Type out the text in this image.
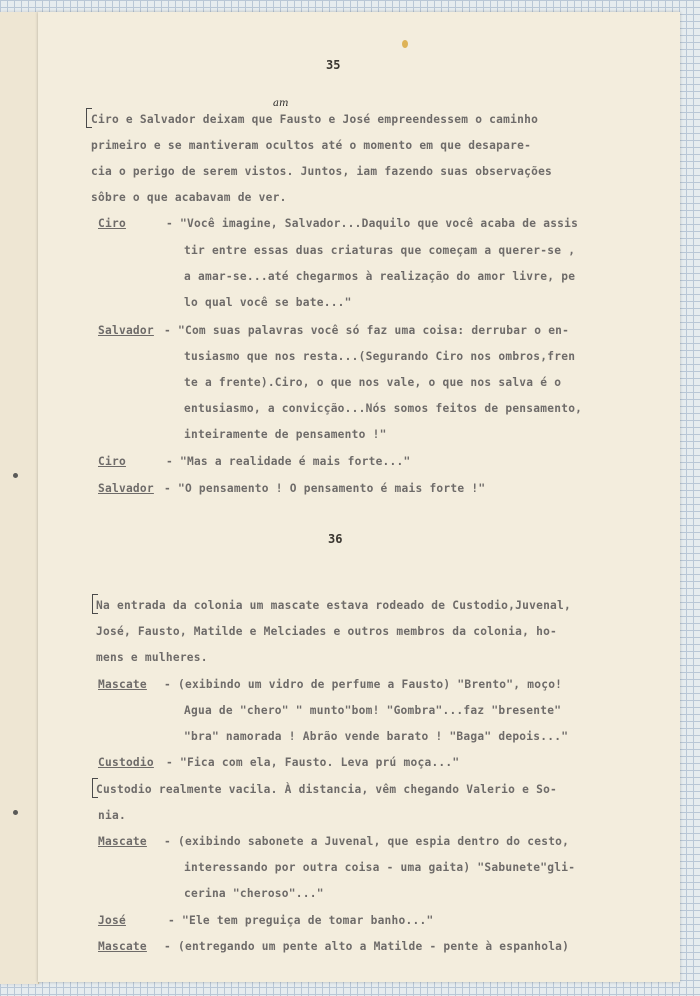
35
Ciro e Salvador deixam que Fausto e José empreendessem o caminho
am
primeiro e se mantiveram ocultos até o momento em que desapare-
cia o perigo de serem vistos. Juntos, iam fazendo suas observações
sôbre o que acabavam de ver.
Ciro	- "Você imagine, Salvador...Daquilo que você acaba de assis
tir entre essas duas criaturas que começam a querer-se ,
a amar-se...até chegarmos à realização do amor livre, pe
lo qual você se bate..."
Salvador - "Com suas palavras você só faz uma coisa: derrubar o en-
tusiasmo que nos resta...(Segurando Ciro nos ombros,fren
te a frente).Ciro, o que nos vale, o que nos salva é o
entusiasmo, a convicção...Nós somos feitos de pensamento,
inteiramente de pensamento !"
Ciro	- "Mas a realidade é mais forte..."
Salvador - "O pensamento ! O pensamento é mais forte !"
36
Na entrada da colonia um mascate estava rodeado de Custodio,Juvenal,
José, Fausto, Matilde e Melciades e outros membros da colonia, ho-
mens e mulheres.
Mascate - (exibindo um vidro de perfume a Fausto) "Brento", moço!
Agua de "chero" " munto"bom! "Gombra"...faz "bresente"
"bra" namorada ! Abrão vende barato ! "Baga" depois..."
Custodio - "Fica com ela, Fausto. Leva prú moça..."
Custodio realmente vacila. À distancia, vêm chegando Valerio e So-
nia.
Mascate - (exibindo sabonete a Juvenal, que espia dentro do cesto,
interessando por outra coisa - uma gaita) "Sabunete"gli-
cerina "cheroso"..."
José	- "Ele tem preguiça de tomar banho..."
Mascate - (entregando um pente alto a Matilde - pente à espanhola)
